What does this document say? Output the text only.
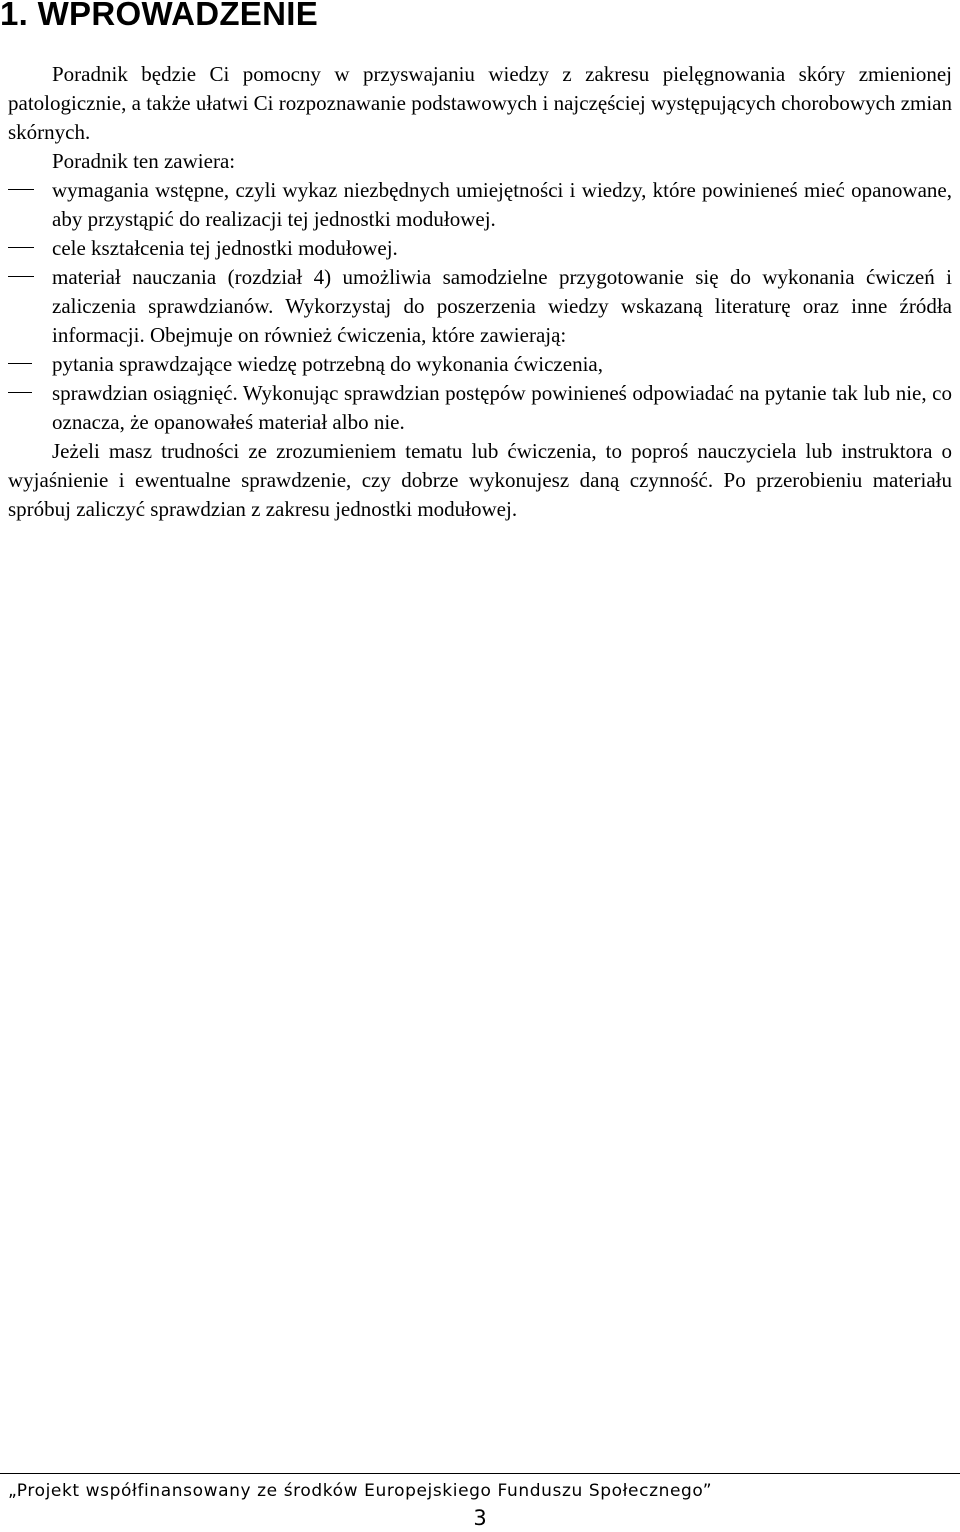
1. WPROWADZENIE

Poradnik będzie Ci pomocny w przyswajaniu wiedzy z zakresu pielęgnowania skóry zmienionej patologicznie, a także ułatwi Ci rozpoznawanie podstawowych i najczęściej występujących chorobowych zmian skórnych.

Poradnik ten zawiera:

wymagania wstępne, czyli wykaz niezbędnych umiejętności i wiedzy, które powinieneś mieć opanowane, aby przystąpić do realizacji tej jednostki modułowej.

cele kształcenia tej jednostki modułowej.

materiał nauczania (rozdział 4) umożliwia samodzielne przygotowanie się do wykonania ćwiczeń i zaliczenia sprawdzianów. Wykorzystaj do poszerzenia wiedzy wskazaną literaturę oraz inne źródła informacji. Obejmuje on również ćwiczenia, które zawierają:

pytania sprawdzające wiedzę potrzebną do wykonania ćwiczenia,

sprawdzian osiągnięć. Wykonując sprawdzian postępów powinieneś odpowiadać na pytanie tak lub nie, co oznacza, że opanowałeś materiał albo nie.

Jeżeli masz trudności ze zrozumieniem tematu lub ćwiczenia, to poproś nauczyciela lub instruktora o wyjaśnienie i ewentualne sprawdzenie, czy dobrze wykonujesz daną czynność. Po przerobieniu materiału spróbuj zaliczyć sprawdzian z zakresu jednostki modułowej.

„Projekt współfinansowany ze środków Europejskiego Funduszu Społecznego”
3
